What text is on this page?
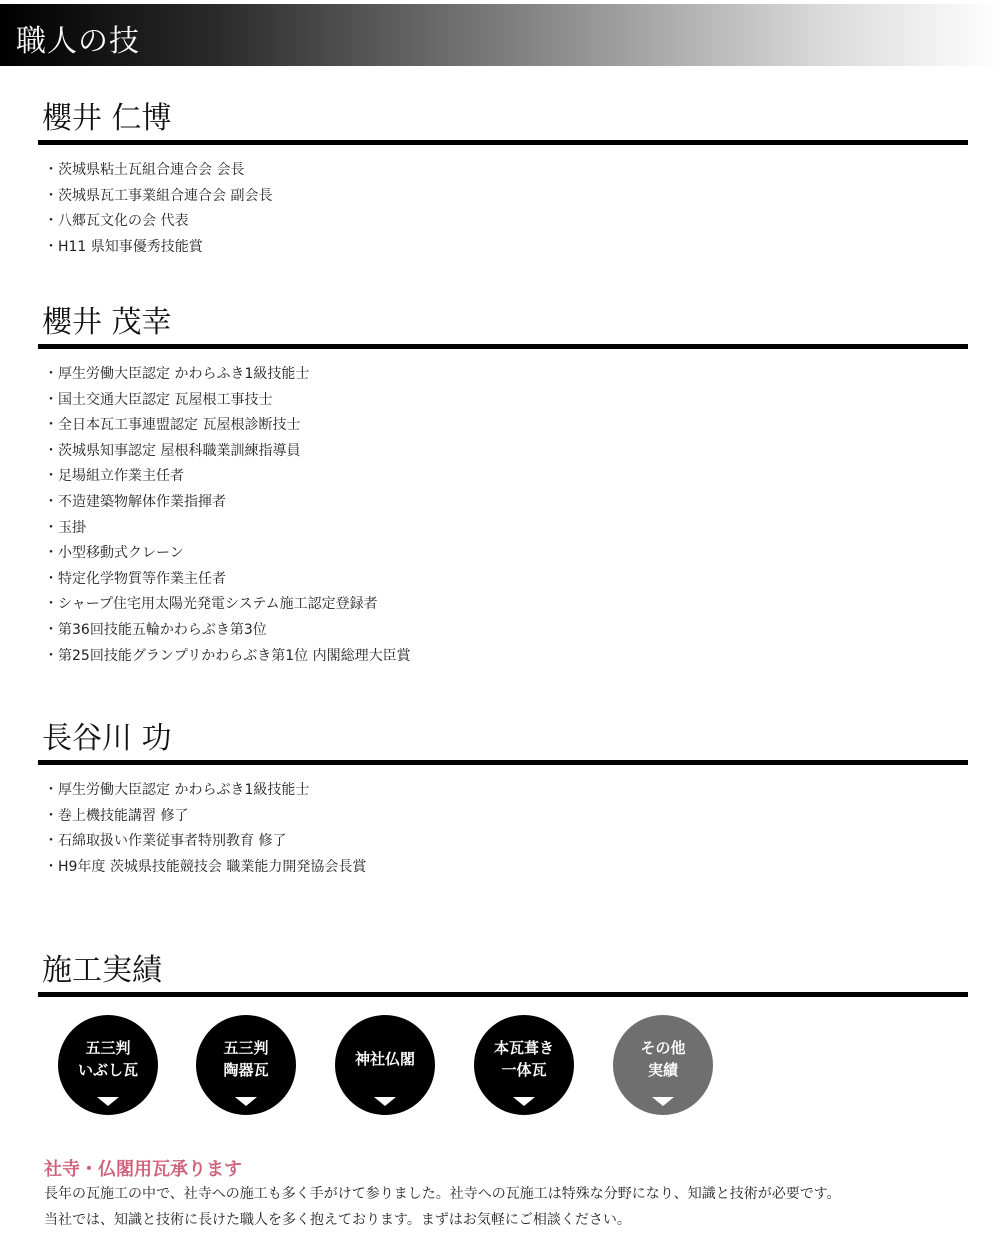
職人の技
櫻井 仁博
・茨城県粘土瓦組合連合会 会長
・茨城県瓦工事業組合連合会 副会長
・八郷瓦文化の会 代表
・H11 県知事優秀技能賞
櫻井 茂幸
・厚生労働大臣認定 かわらふき1級技能士
・国土交通大臣認定 瓦屋根工事技士
・全日本瓦工事連盟認定 瓦屋根診断技士
・茨城県知事認定 屋根科職業訓練指導員
・足場組立作業主任者
・不造建築物解体作業指揮者
・玉掛
・小型移動式クレーン
・特定化学物質等作業主任者
・シャープ住宅用太陽光発電システム施工認定登録者
・第36回技能五輪かわらぶき第3位
・第25回技能グランプリかわらぶき第1位 内閣総理大臣賞
長谷川 功
・厚生労働大臣認定 かわらぶき1級技能士
・巻上機技能講習 修了
・石綿取扱い作業従事者特別教育 修了
・H9年度 茨城県技能競技会 職業能力開発協会長賞
施工実績
五三判
いぶし瓦
五三判
陶器瓦
神社仏閣
本瓦葺き
一体瓦
その他
実績
社寺・仏閣用瓦承ります

長年の瓦施工の中で、社寺への施工も多く手がけて参りました。社寺への瓦施工は特殊な分野になり、知識と技術が必要です。

当社では、知識と技術に長けた職人を多く抱えております。まずはお気軽にご相談ください。
